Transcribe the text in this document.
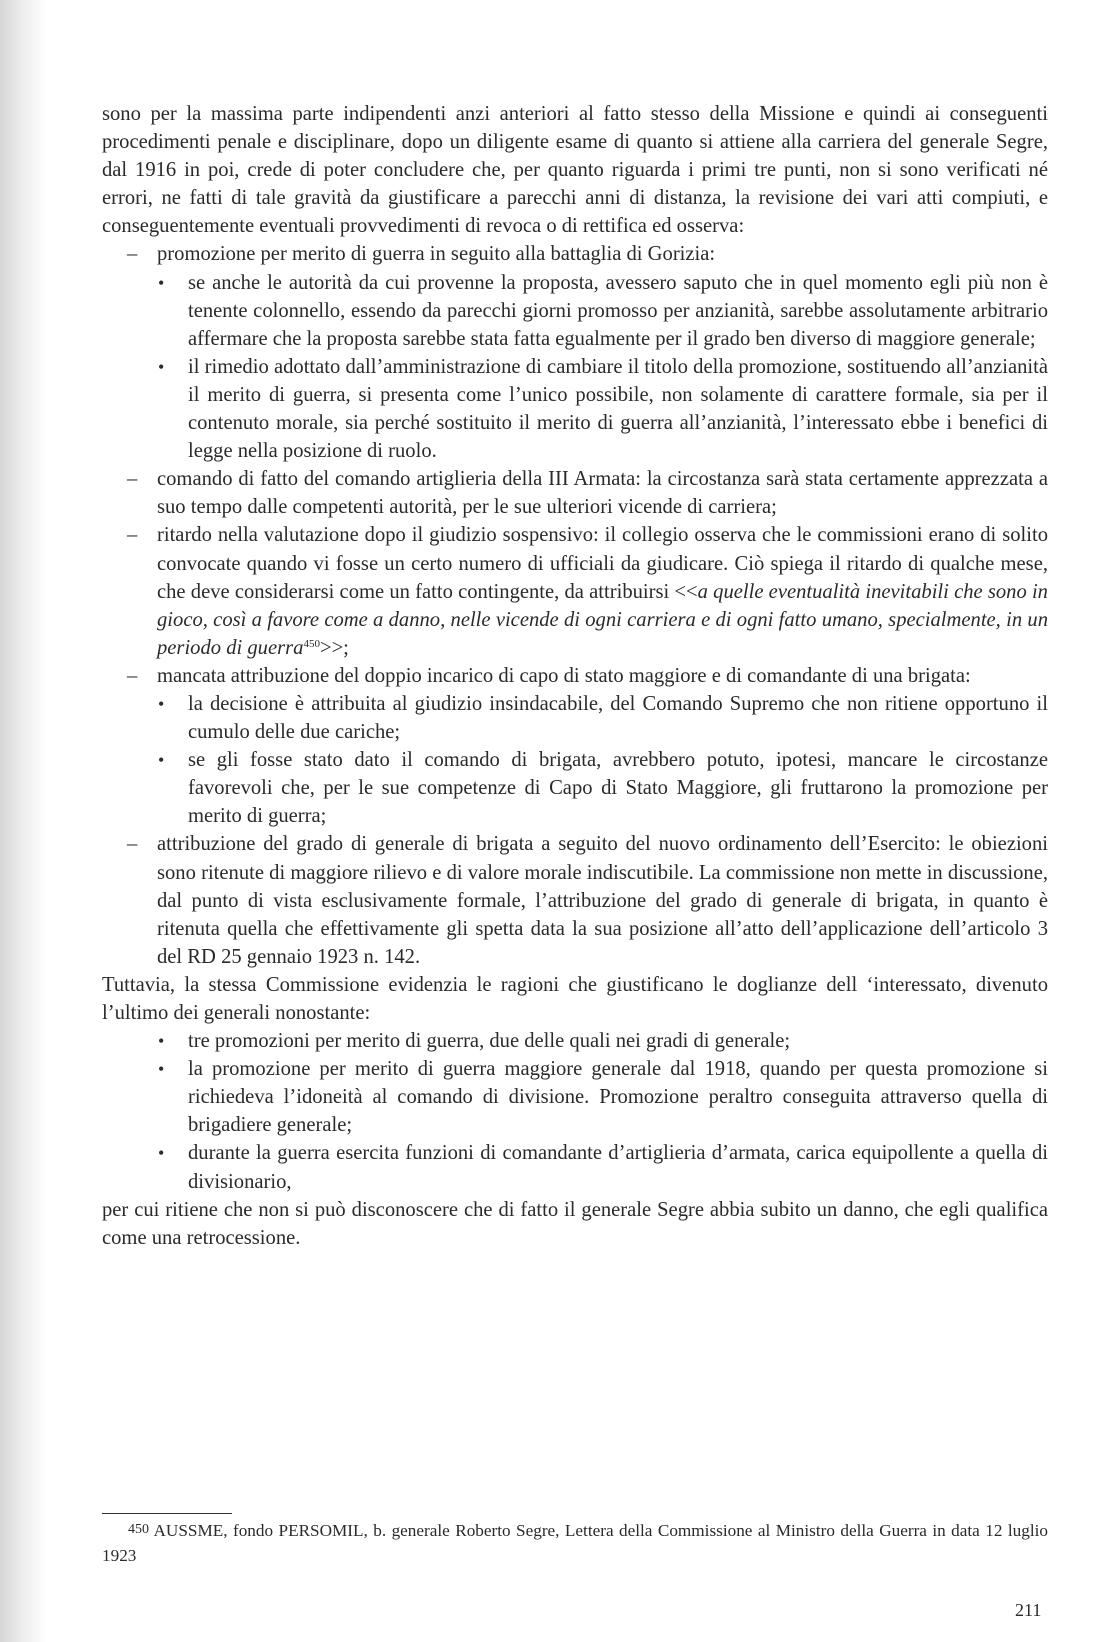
sono per la massima parte indipendenti anzi anteriori al fatto stesso della Missione e quindi ai conseguenti procedimenti penale e disciplinare, dopo un diligente esame di quanto si attiene alla carriera del generale Segre, dal 1916 in poi, crede di poter concludere che, per quanto riguarda i primi tre punti, non si sono verificati né errori, ne fatti di tale gravità da giustificare a parecchi anni di distanza, la revisione dei vari atti compiuti, e conseguentemente eventuali provvedimenti di revoca o di rettifica ed osserva:

– promozione per merito di guerra in seguito alla battaglia di Gorizia:
• se anche le autorità da cui provenne la proposta, avessero saputo che in quel momento egli più non è tenente colonnello, essendo da parecchi giorni promosso per anzianità, sarebbe assolutamente arbitrario affermare che la proposta sarebbe stata fatta egualmente per il grado ben diverso di maggiore generale;
• il rimedio adottato dall’amministrazione di cambiare il titolo della promozione, sostituendo all’anzianità il merito di guerra, si presenta come l’unico possibile, non solamente di carattere formale, sia per il contenuto morale, sia perché sostituito il merito di guerra all’anzianità, l’interessato ebbe i benefici di legge nella posizione di ruolo.
– comando di fatto del comando artiglieria della III Armata: la circostanza sarà stata certamente apprezzata a suo tempo dalle competenti autorità, per le sue ulteriori vicende di carriera;
– ritardo nella valutazione dopo il giudizio sospensivo: il collegio osserva che le commissioni erano di solito convocate quando vi fosse un certo numero di ufficiali da giudicare. Ciò spiega il ritardo di qualche mese, che deve considerarsi come un fatto contingente, da attribuirsi <<a quelle eventualità inevitabili che sono in gioco, così a favore come a danno, nelle vicende di ogni carriera e di ogni fatto umano, specialmente, in un periodo di guerra$^{450}$>>;
– mancata attribuzione del doppio incarico di capo di stato maggiore e di comandante di una brigata:
• la decisione è attribuita al giudizio insindacabile, del Comando Supremo che non ritiene opportuno il cumulo delle due cariche;
• se gli fosse stato dato il comando di brigata, avrebbero potuto, ipotesi, mancare le circostanze favorevoli che, per le sue competenze di Capo di Stato Maggiore, gli fruttarono la promozione per merito di guerra;
– attribuzione del grado di generale di brigata a seguito del nuovo ordinamento dell’Esercito: le obiezioni sono ritenute di maggiore rilievo e di valore morale indiscutibile. La commissione non mette in discussione, dal punto di vista esclusivamente formale, l’attribuzione del grado di generale di brigata, in quanto è ritenuta quella che effettivamente gli spetta data la sua posizione all’atto dell’applicazione dell’articolo 3 del RD 25 gennaio 1923 n. 142.

Tuttavia, la stessa Commissione evidenzia le ragioni che giustificano le doglianze dell ‘interessato, divenuto l’ultimo dei generali nonostante:

• tre promozioni per merito di guerra, due delle quali nei gradi di generale;
• la promozione per merito di guerra maggiore generale dal 1918, quando per questa promozione si richiedeva l’idoneità al comando di divisione. Promozione peraltro conseguita attraverso quella di brigadiere generale;
• durante la guerra esercita funzioni di comandante d’artiglieria d’armata, carica equipollente a quella di divisionario,

per cui ritiene che non si può disconoscere che di fatto il generale Segre abbia subito un danno, che egli qualifica come una retrocessione.

450 AUSSME, fondo PERSOMIL, b. generale Roberto Segre, Lettera della Commissione al Ministro della Guerra in data 12 luglio 1923
211
